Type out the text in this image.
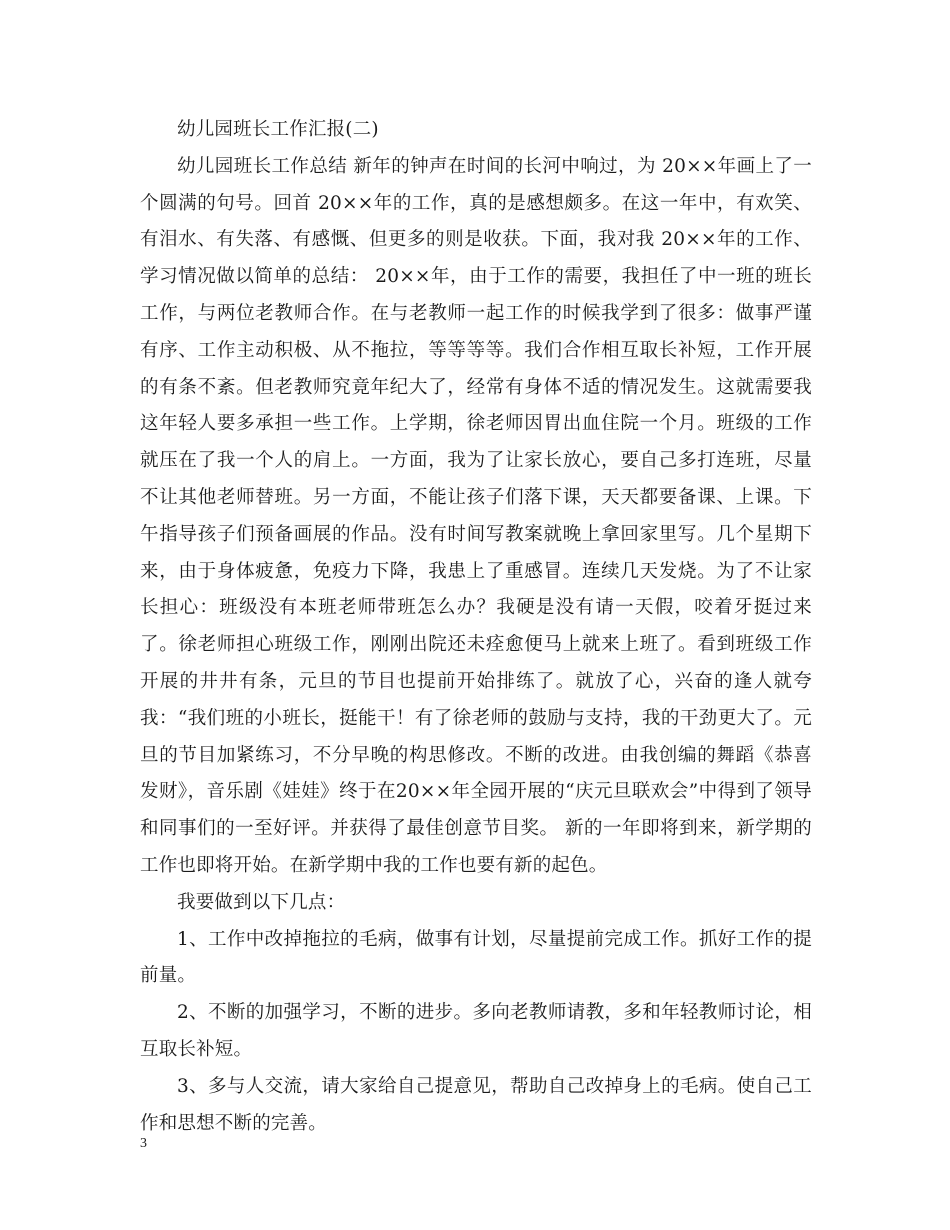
幼儿园班长工作汇报(二)

幼儿园班长工作总结 新年的钟声在时间的长河中响过，为 20××年画上了一个圆满的句号。回首 20××年的工作，真的是感想颇多。在这一年中，有欢笑、有泪水、有失落、有感慨、但更多的则是收获。下面，我对我 20××年的工作、学习情况做以简单的总结： 20××年，由于工作的需要，我担任了中一班的班长工作，与两位老教师合作。在与老教师一起工作的时候我学到了很多：做事严谨有序、工作主动积极、从不拖拉，等等等等。我们合作相互取长补短，工作开展的有条不紊。但老教师究竟年纪大了，经常有身体不适的情况发生。这就需要我这年轻人要多承担一些工作。上学期，徐老师因胃出血住院一个月。班级的工作就压在了我一个人的肩上。一方面，我为了让家长放心，要自己多打连班，尽量不让其他老师替班。另一方面，不能让孩子们落下课，天天都要备课、上课。下午指导孩子们预备画展的作品。没有时间写教案就晚上拿回家里写。几个星期下来，由于身体疲惫，免疫力下降，我患上了重感冒。连续几天发烧。为了不让家长担心：班级没有本班老师带班怎么办？我硬是没有请一天假，咬着牙挺过来了。徐老师担心班级工作，刚刚出院还未痊愈便马上就来上班了。看到班级工作开展的井井有条，元旦的节目也提前开始排练了。就放了心，兴奋的逢人就夸我：“我们班的小班长，挺能干！有了徐老师的鼓励与支持，我的干劲更大了。元旦的节目加紧练习，不分早晚的构思修改。不断的改进。由我创编的舞蹈《恭喜发财》，音乐剧《娃娃》终于在20××年全园开展的“庆元旦联欢会”中得到了领导和同事们的一至好评。并获得了最佳创意节目奖。 新的一年即将到来，新学期的工作也即将开始。在新学期中我的工作也要有新的起色。

我要做到以下几点：

1、工作中改掉拖拉的毛病，做事有计划，尽量提前完成工作。抓好工作的提前量。

2、不断的加强学习，不断的进步。多向老教师请教，多和年轻教师讨论，相互取长补短。

3、多与人交流，请大家给自己提意见，帮助自己改掉身上的毛病。使自己工作和思想不断的完善。

3
